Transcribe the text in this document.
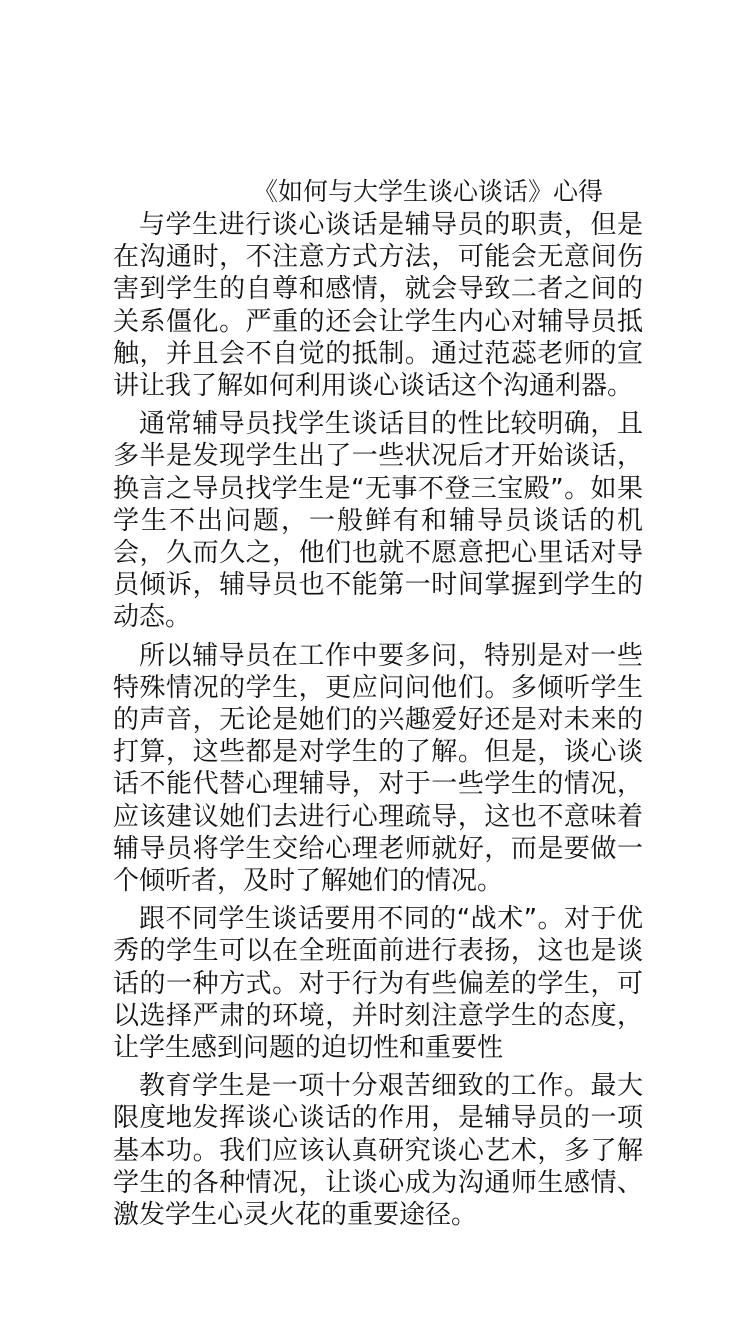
《如何与大学生谈心谈话》心得

与学生进行谈心谈话是辅导员的职责，但是在沟通时，不注意方式方法，可能会无意间伤害到学生的自尊和感情，就会导致二者之间的关系僵化。严重的还会让学生内心对辅导员抵触，并且会不自觉的抵制。通过范蕊老师的宣讲让我了解如何利用谈心谈话这个沟通利器。

通常辅导员找学生谈话目的性比较明确，且多半是发现学生出了一些状况后才开始谈话，换言之导员找学生是“无事不登三宝殿”。如果学生不出问题，一般鲜有和辅导员谈话的机会，久而久之，他们也就不愿意把心里话对导员倾诉，辅导员也不能第一时间掌握到学生的动态。

所以辅导员在工作中要多问，特别是对一些特殊情况的学生，更应问问他们。多倾听学生的声音，无论是她们的兴趣爱好还是对未来的打算，这些都是对学生的了解。但是，谈心谈话不能代替心理辅导，对于一些学生的情况，应该建议她们去进行心理疏导，这也不意味着辅导员将学生交给心理老师就好，而是要做一个倾听者，及时了解她们的情况。

跟不同学生谈话要用不同的“战术”。对于优秀的学生可以在全班面前进行表扬，这也是谈话的一种方式。对于行为有些偏差的学生，可以选择严肃的环境，并时刻注意学生的态度，让学生感到问题的迫切性和重要性

教育学生是一项十分艰苦细致的工作。最大限度地发挥谈心谈话的作用，是辅导员的一项基本功。我们应该认真研究谈心艺术，多了解学生的各种情况，让谈心成为沟通师生感情、激发学生心灵火花的重要途径。
